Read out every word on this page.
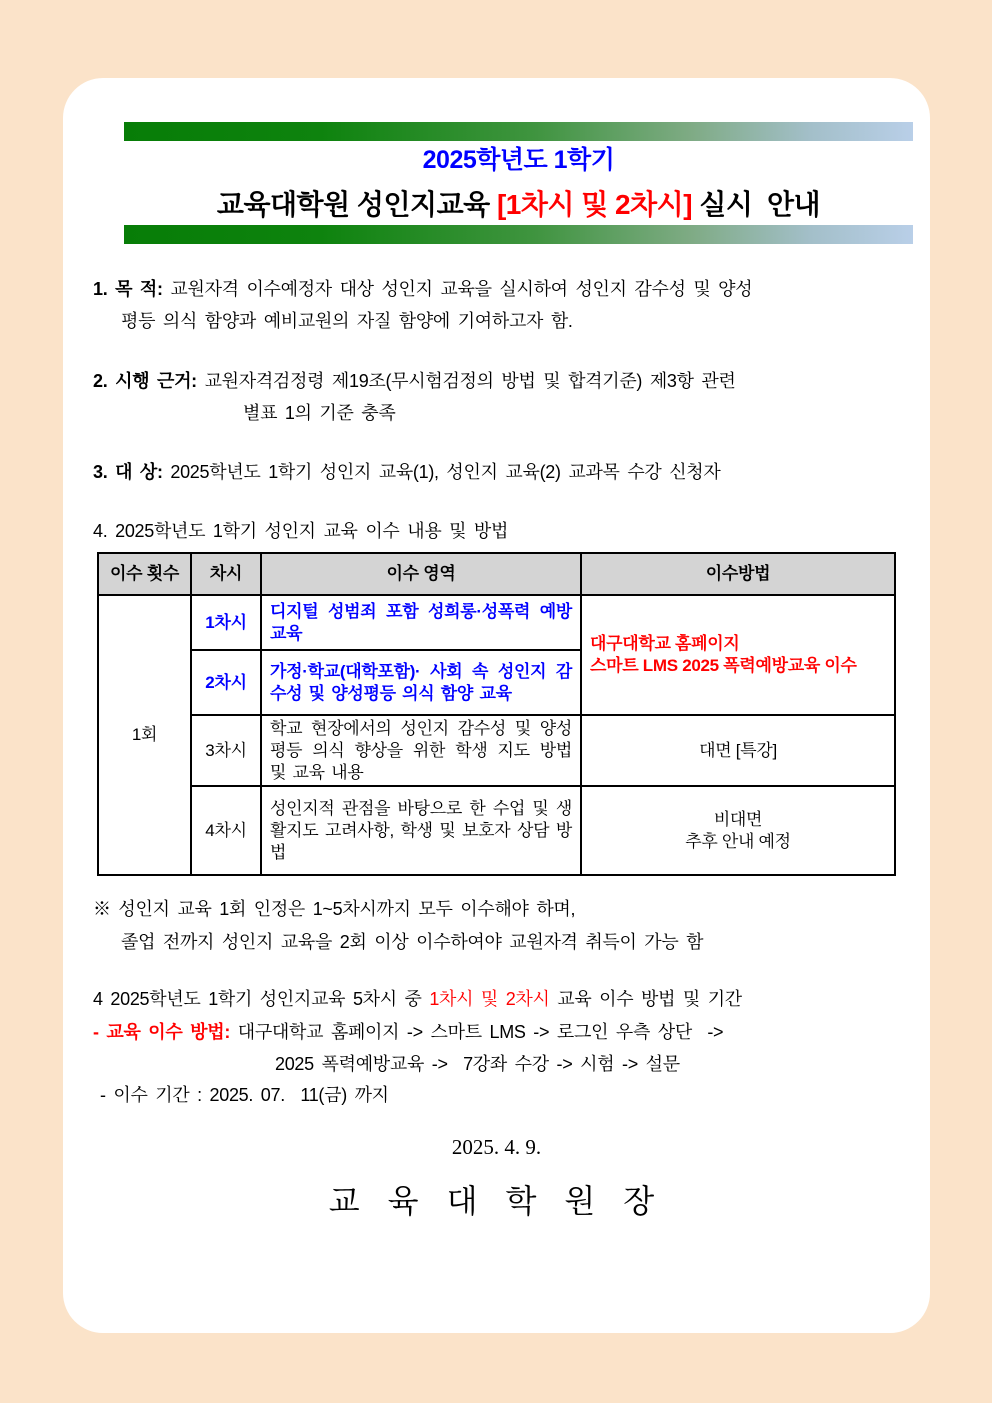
2025학년도 1학기
교육대학원 성인지교육 [1차시 및 2차시] 실시  안내
1. 목 적: 교원자격 이수예정자 대상 성인지 교육을 실시하여 성인지 감수성 및 양성
평등 의식 함양과 예비교원의 자질 함양에 기여하고자 함.
2. 시행 근거: 교원자격검정령 제19조(무시험검정의 방법 및 합격기준) 제3항 관련
별표 1의 기준 충족
3. 대 상: 2025학년도 1학기 성인지 교육(1), 성인지 교육(2) 교과목 수강 신청자
4. 2025학년도 1학기 성인지 교육 이수 내용 및 방법
이수 횟수	차시	이수 영역	이수방법
1회	1차시	디지털 성범죄 포함 성희롱·성폭력 예방교육	대구대학교 홈페이지
스마트 LMS 2025 폭력예방교육 이수

	2차시	가정·학교(대학포함)· 사회 속 성인지 감수성 및 양성평등 의식 함양 교육	
	3차시	학교 현장에서의 성인지 감수성 및 양성평등 의식 향상을 위한 학생 지도 방법 및 교육 내용	대면 [특강]
	4차시	성인지적 관점을 바탕으로 한 수업 및 생활지도 고려사항, 학생 및 보호자 상담 방법	비대면
추후 안내 예정
※ 성인지 교육 1회 인정은 1~5차시까지 모두 이수해야 하며,
졸업 전까지 성인지 교육을 2회 이상 이수하여야 교원자격 취득이 가능 함
4 2025학년도 1학기 성인지교육 5차시 중 1차시 및 2차시 교육 이수 방법 및 기간
- 교육 이수 방법: 대구대학교 홈페이지 -> 스마트 LMS -> 로그인 우측 상단  ->
2025 폭력예방교육 ->  7강좌 수강 -> 시험 -> 설문
- 이수 기간 : 2025. 07.  11(금) 까지
2025. 4. 9.
교 육 대 학 원 장
